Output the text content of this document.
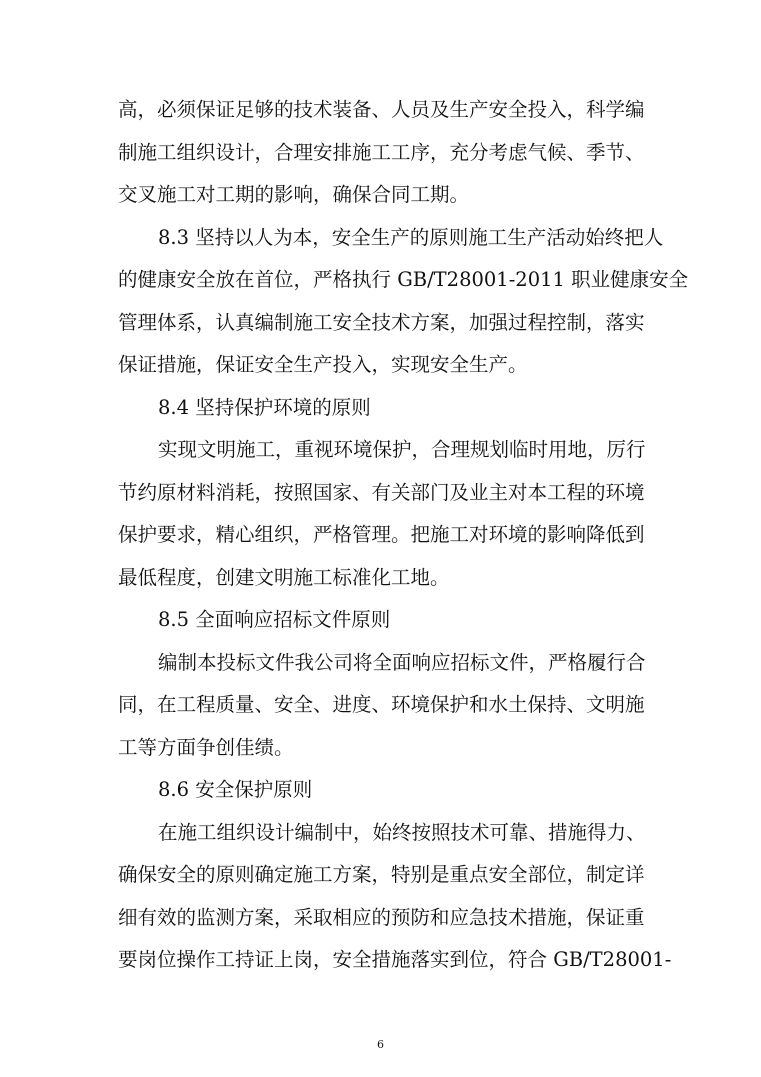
高，必须保证足够的技术装备、人员及生产安全投入，科学编
制施工组织设计，合理安排施工工序，充分考虑气候、季节、
交叉施工对工期的影响，确保合同工期。
8.3 坚持以人为本，安全生产的原则施工生产活动始终把人
的健康安全放在首位，严格执行 GB/T28001-2011 职业健康安全
管理体系，认真编制施工安全技术方案，加强过程控制，落实
保证措施，保证安全生产投入，实现安全生产。
8.4 坚持保护环境的原则
实现文明施工，重视环境保护，合理规划临时用地，厉行
节约原材料消耗，按照国家、有关部门及业主对本工程的环境
保护要求，精心组织，严格管理。把施工对环境的影响降低到
最低程度，创建文明施工标准化工地。
8.5 全面响应招标文件原则
编制本投标文件我公司将全面响应招标文件，严格履行合
同，在工程质量、安全、进度、环境保护和水土保持、文明施
工等方面争创佳绩。
8.6 安全保护原则
在施工组织设计编制中，始终按照技术可靠、措施得力、
确保安全的原则确定施工方案，特别是重点安全部位，制定详
细有效的监测方案，采取相应的预防和应急技术措施，保证重
要岗位操作工持证上岗，安全措施落实到位，符合 GB/T28001-
6
